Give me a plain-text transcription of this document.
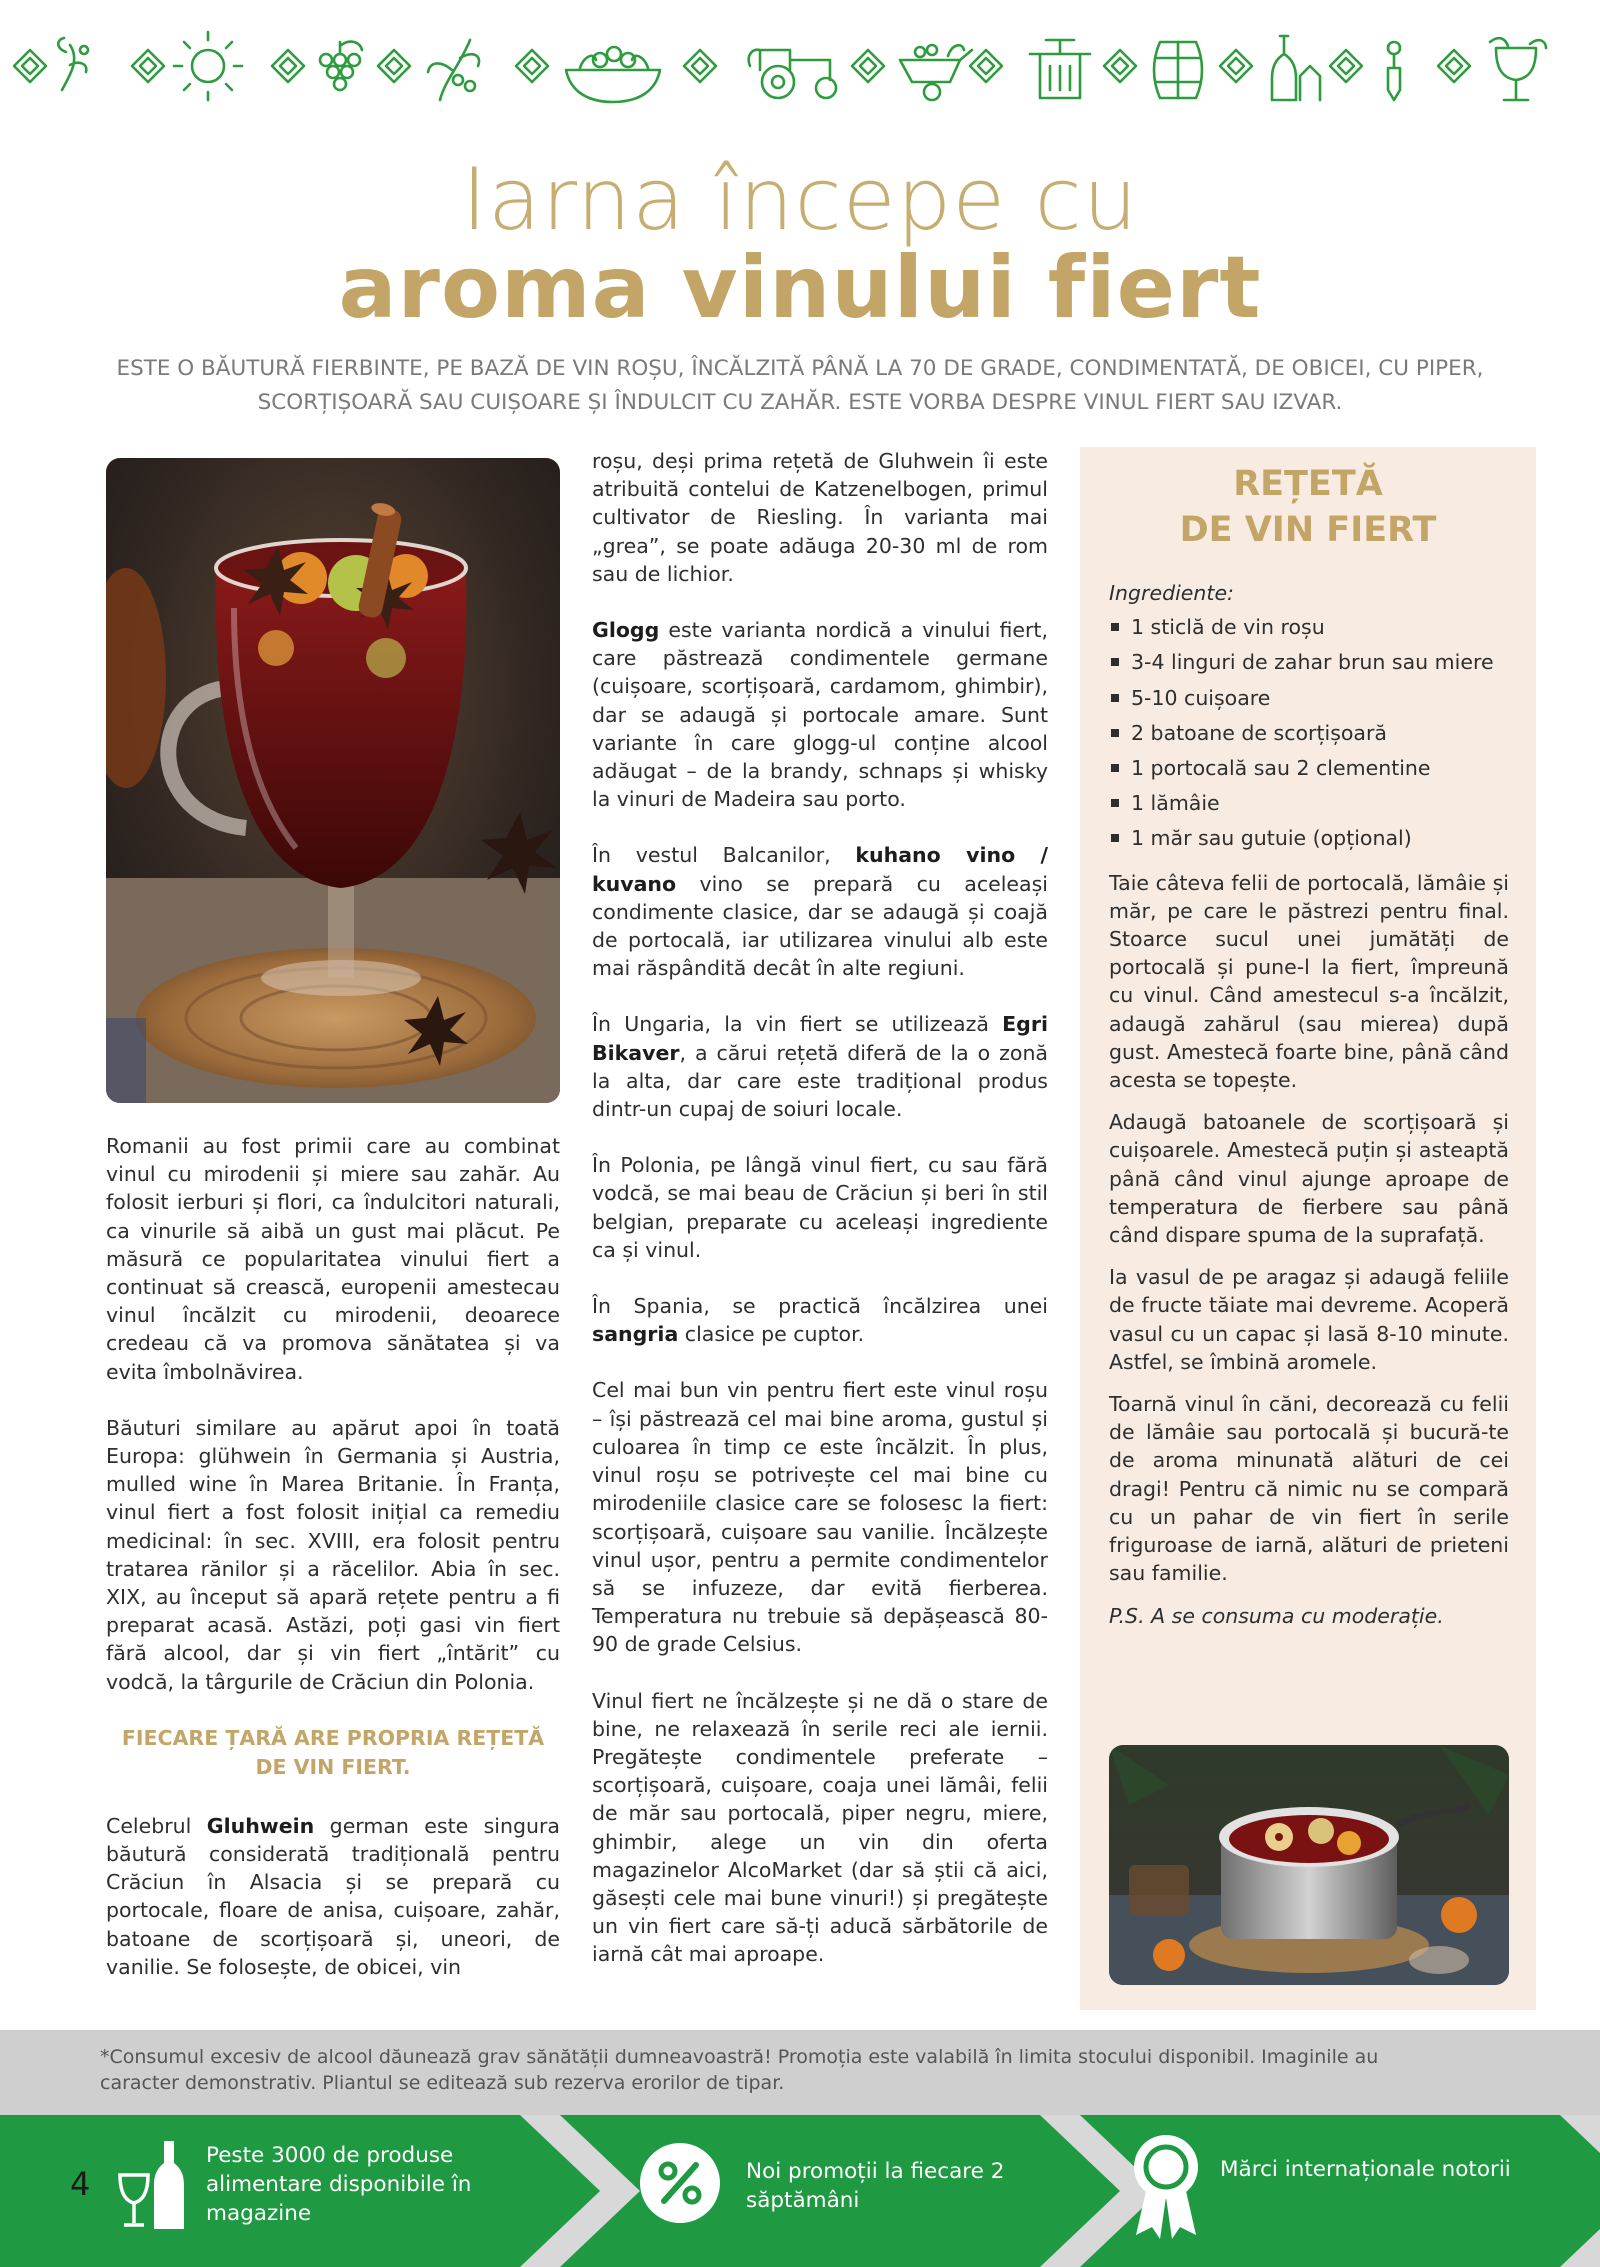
Iarna începe cu
aroma vinului fiert
ESTE O BĂUTURĂ FIERBINTE, PE BAZĂ DE VIN ROȘU, ÎNCĂLZITĂ PÂNĂ LA 70 DE GRADE, CONDIMENTATĂ, DE OBICEI, CU PIPER, SCORȚIȘOARĂ SAU CUIȘOARE ȘI ÎNDULCIT CU ZAHĂR. ESTE VORBA DESPRE VINUL FIERT SAU IZVAR.

Romanii au fost primii care au combinat vinul cu mirodenii și miere sau zahăr. Au folosit ierburi și flori, ca îndulcitori naturali, ca vinurile să aibă un gust mai plăcut. Pe măsură ce popularitatea vinului fiert a continuat să crească, europenii amestecau vinul încălzit cu mirodenii, deoarece credeau că va promova sănătatea și va evita îmbolnăvirea.

Băuturi similare au apărut apoi în toată Europa: glühwein în Germania și Austria, mulled wine în Marea Britanie. În Franța, vinul fiert a fost folosit inițial ca remediu medicinal: în sec. XVIII, era folosit pentru tratarea rănilor și a răcelilor. Abia în sec. XIX, au început să apară rețete pentru a fi preparat acasă. Astăzi, poți gasi vin fiert fără alcool, dar și vin fiert „întărit” cu vodcă, la târgurile de Crăciun din Polonia.

FIECARE ȚARĂ ARE PROPRIA REȚETĂ DE VIN FIERT.

Celebrul Gluhwein german este singura băutură considerată tradițională pentru Crăciun în Alsacia și se prepară cu portocale, floare de anisa, cuișoare, zahăr, batoane de scorțișoară și, uneori, de vanilie. Se folosește, de obicei, vin

roșu, deși prima rețetă de Gluhwein îi este atribuită contelui de Katzenelbogen, primul cultivator de Riesling. În varianta mai „grea”, se poate adăuga 20-30 ml de rom sau de lichior.

Glogg este varianta nordică a vinului fiert, care păstrează condimentele germane (cuișoare, scorțișoară, cardamom, ghimbir), dar se adaugă și portocale amare. Sunt variante în care glogg-ul conține alcool adăugat – de la brandy, schnaps și whisky la vinuri de Madeira sau porto.

În vestul Balcanilor, kuhano vino / kuvano vino se prepară cu aceleași condimente clasice, dar se adaugă și coajă de portocală, iar utilizarea vinului alb este mai răspândită decât în alte regiuni.

În Ungaria, la vin fiert se utilizează Egri Bikaver, a cărui rețetă diferă de la o zonă la alta, dar care este tradițional produs dintr-un cupaj de soiuri locale.

În Polonia, pe lângă vinul fiert, cu sau fără vodcă, se mai beau de Crăciun și beri în stil belgian, preparate cu aceleași ingrediente ca și vinul.

În Spania, se practică încălzirea unei sangria clasice pe cuptor.

Cel mai bun vin pentru fiert este vinul roșu – își păstrează cel mai bine aroma, gustul și culoarea în timp ce este încălzit. În plus, vinul roșu se potrivește cel mai bine cu mirodeniile clasice care se folosesc la fiert: scorțișoară, cuișoare sau vanilie. Încălzește vinul ușor, pentru a permite condimentelor să se infuzeze, dar evită fierberea. Temperatura nu trebuie să depășească 80-90 de grade Celsius.

Vinul fiert ne încălzește și ne dă o stare de bine, ne relaxează în serile reci ale iernii. Pregătește condimentele preferate – scorțișoară, cuișoare, coaja unei lămâi, felii de măr sau portocală, piper negru, miere, ghimbir, alege un vin din oferta magazinelor AlcoMarket (dar să știi că aici, găsești cele mai bune vinuri!) și pregătește un vin fiert care să-ți aducă sărbătorile de iarnă cât mai aproape.

REȚETĂ
DE VIN FIERT
Ingrediente:
1 sticlă de vin roșu
3-4 linguri de zahar brun sau miere
5-10 cuișoare
2 batoane de scorțișoară
1 portocală sau 2 clementine
1 lămâie
1 măr sau gutuie (opțional)

Taie câteva felii de portocală, lămâie și măr, pe care le păstrezi pentru final. Stoarce sucul unei jumătăți de portocală și pune-l la fiert, împreună cu vinul. Când amestecul s-a încălzit, adaugă zahărul (sau mierea) după gust. Amestecă foarte bine, până când acesta se topește.

Adaugă batoanele de scorțișoară și cuișoarele. Amestecă puțin și asteaptă până când vinul ajunge aproape de temperatura de fierbere sau până când dispare spuma de la suprafață.

Ia vasul de pe aragaz și adaugă feliile de fructe tăiate mai devreme. Acoperă vasul cu un capac și lasă 8-10 minute. Astfel, se îmbină aromele.

Toarnă vinul în căni, decorează cu felii de lămâie sau portocală și bucură-te de aroma minunată alături de cei dragi! Pentru că nimic nu se compară cu un pahar de vin fiert în serile friguroase de iarnă, alături de prieteni sau familie.

P.S. A se consuma cu moderație.

*Consumul excesiv de alcool dăunează grav sănătății dumneavoastră! Promoția este valabilă în limita stocului disponibil. Imaginile au caracter demonstrativ. Pliantul se editează sub rezerva erorilor de tipar.
4
Peste 3000 de produse alimentare disponibile în magazine
Noi promoții la fiecare 2 săptămâni
Mărci internaționale notorii
